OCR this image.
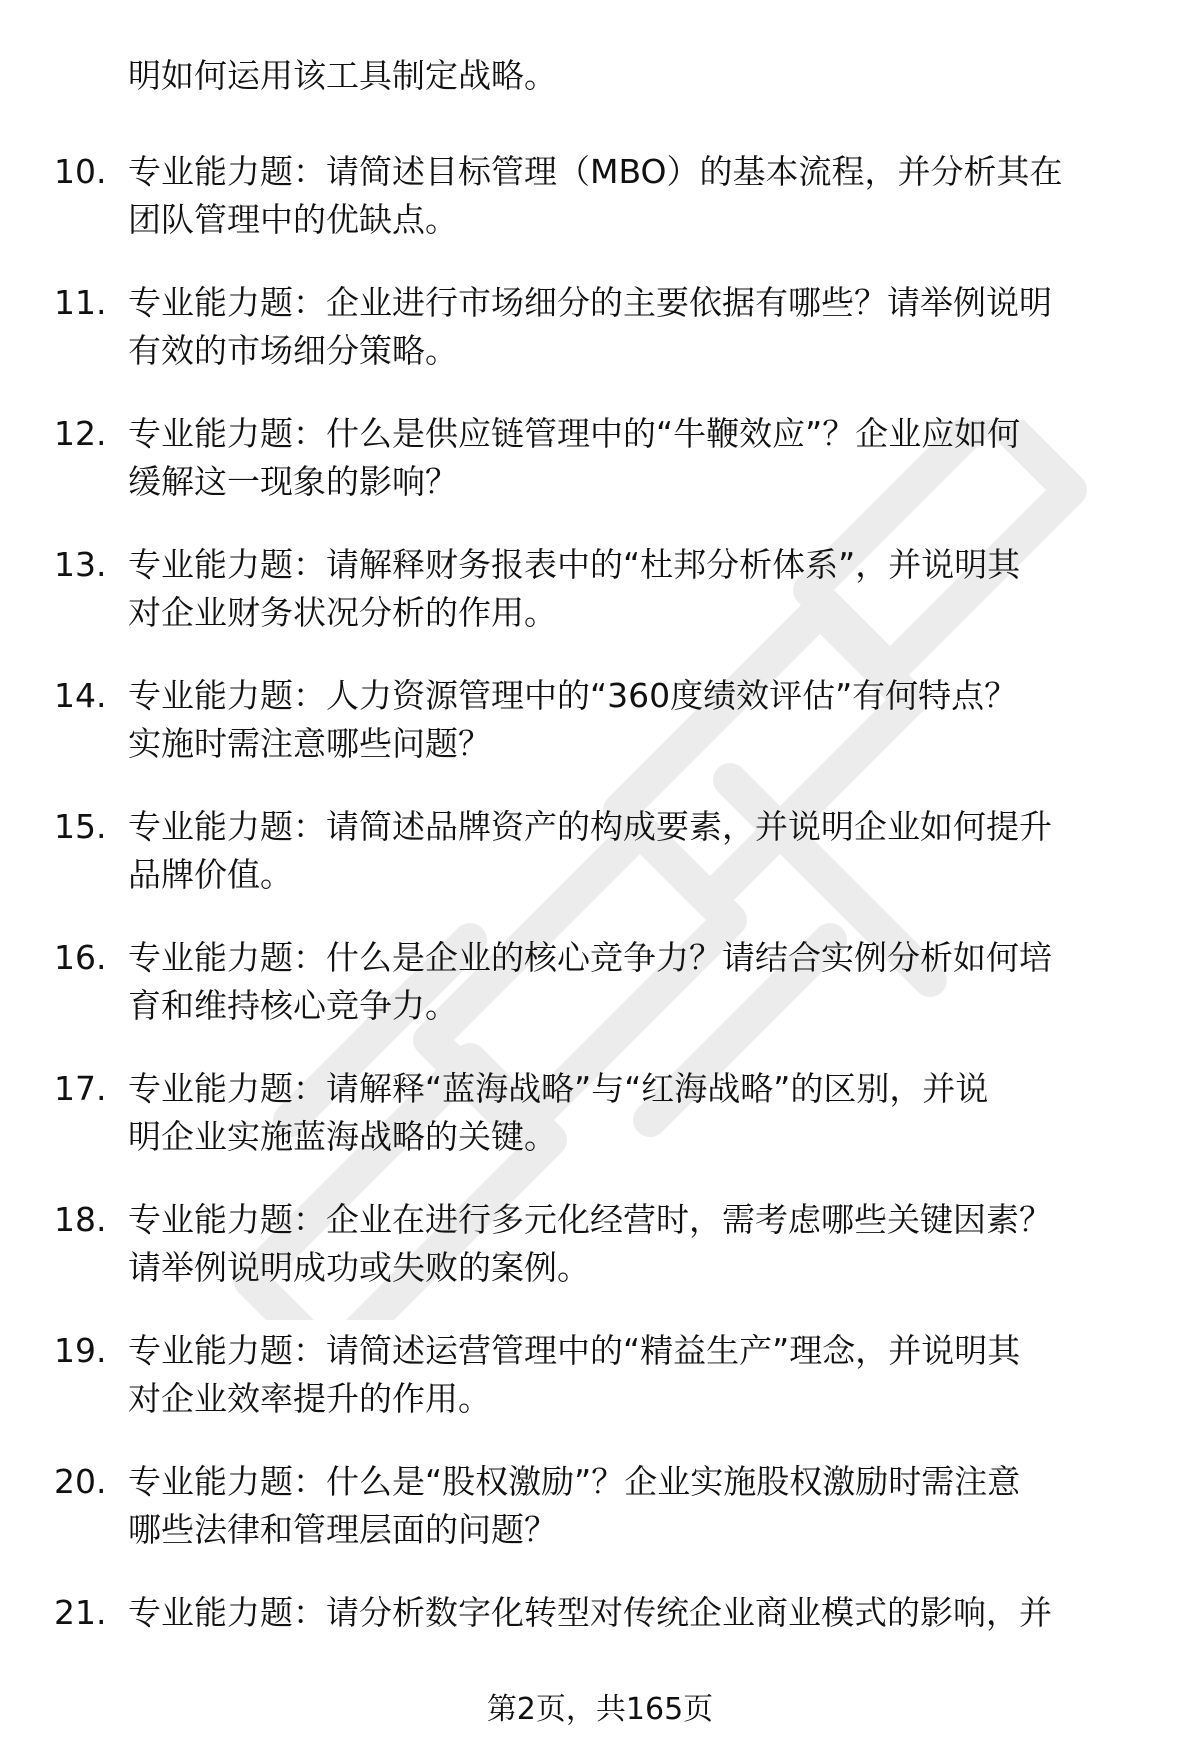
明如何运用该工具制定战略。
10. 专业能力题：请简述目标管理（MBO）的基本流程，并分析其在
团队管理中的优缺点。
11. 专业能力题：企业进行市场细分的主要依据有哪些？请举例说明
有效的市场细分策略。
12. 专业能力题：什么是供应链管理中的“牛鞭效应”？企业应如何
缓解这一现象的影响？
13. 专业能力题：请解释财务报表中的“杜邦分析体系”，并说明其
对企业财务状况分析的作用。
14. 专业能力题：人力资源管理中的“360度绩效评估”有何特点？
实施时需注意哪些问题？
15. 专业能力题：请简述品牌资产的构成要素，并说明企业如何提升
品牌价值。
16. 专业能力题：什么是企业的核心竞争力？请结合实例分析如何培
育和维持核心竞争力。
17. 专业能力题：请解释“蓝海战略”与“红海战略”的区别，并说
明企业实施蓝海战略的关键。
18. 专业能力题：企业在进行多元化经营时，需考虑哪些关键因素？
请举例说明成功或失败的案例。
19. 专业能力题：请简述运营管理中的“精益生产”理念，并说明其
对企业效率提升的作用。
20. 专业能力题：什么是“股权激励”？企业实施股权激励时需注意
哪些法律和管理层面的问题？
21. 专业能力题：请分析数字化转型对传统企业商业模式的影响，并
第2页，共165页
